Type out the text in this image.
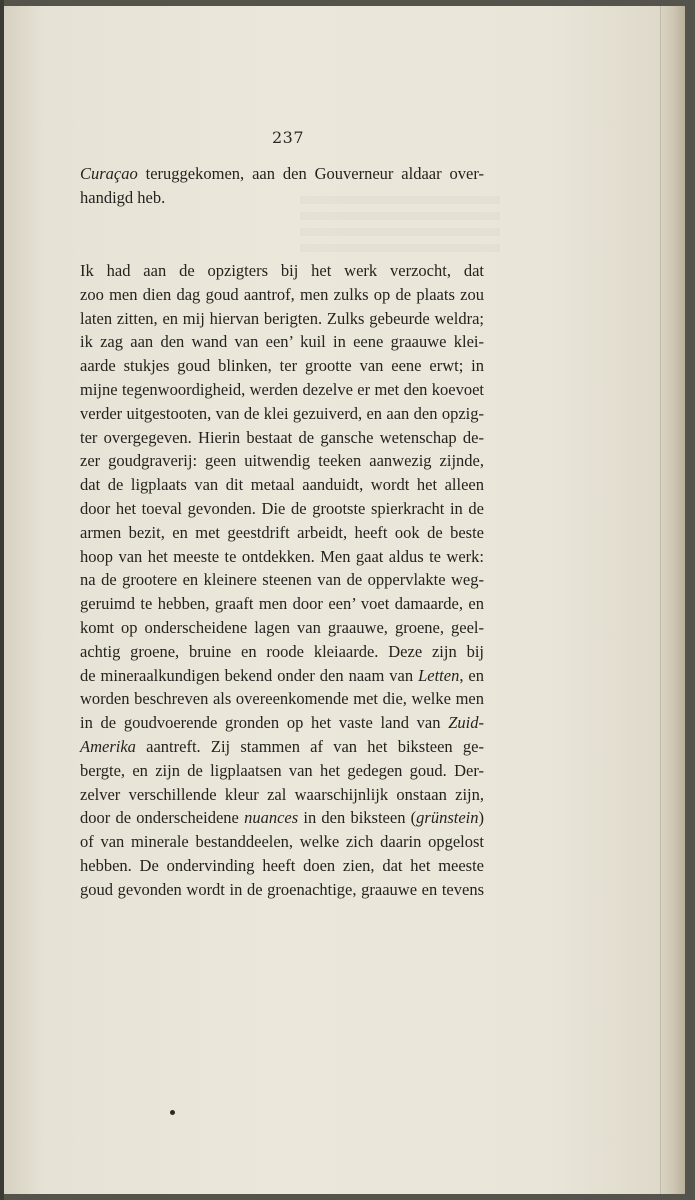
237
Curaçao teruggekomen, aan den Gouverneur aldaar over-
handigd heb.
Ik had aan de opzigters bij het werk verzocht, dat
zoo men dien dag goud aantrof, men zulks op de plaats zou
laten zitten, en mij hiervan berigten. Zulks gebeurde weldra;
ik zag aan den wand van een’ kuil in eene graauwe klei-
aarde stukjes goud blinken, ter grootte van eene erwt; in
mijne tegenwoordigheid, werden dezelve er met den koevoet
verder uitgestooten, van de klei gezuiverd, en aan den opzig-
ter overgegeven. Hierin bestaat de gansche wetenschap de-
zer goudgraverij: geen uitwendig teeken aanwezig zijnde,
dat de ligplaats van dit metaal aanduidt, wordt het alleen
door het toeval gevonden. Die de grootste spierkracht in de
armen bezit, en met geestdrift arbeidt, heeft ook de beste
hoop van het meeste te ontdekken. Men gaat aldus te werk:
na de grootere en kleinere steenen van de oppervlakte weg-
geruimd te hebben, graaft men door een’ voet damaarde, en
komt op onderscheidene lagen van graauwe, groene, geel-
achtig groene, bruine en roode kleiaarde. Deze zijn bij
de mineraalkundigen bekend onder den naam van Letten, en
worden beschreven als overeenkomende met die, welke men
in de goudvoerende gronden op het vaste land van Zuid-
Amerika aantreft. Zij stammen af van het biksteen ge-
bergte, en zijn de ligplaatsen van het gedegen goud. Der-
zelver verschillende kleur zal waarschijnlijk onstaan zijn,
door de onderscheidene nuances in den biksteen (grünstein)
of van minerale bestanddeelen, welke zich daarin opgelost
hebben. De ondervinding heeft doen zien, dat het meeste
goud gevonden wordt in de groenachtige, graauwe en tevens
